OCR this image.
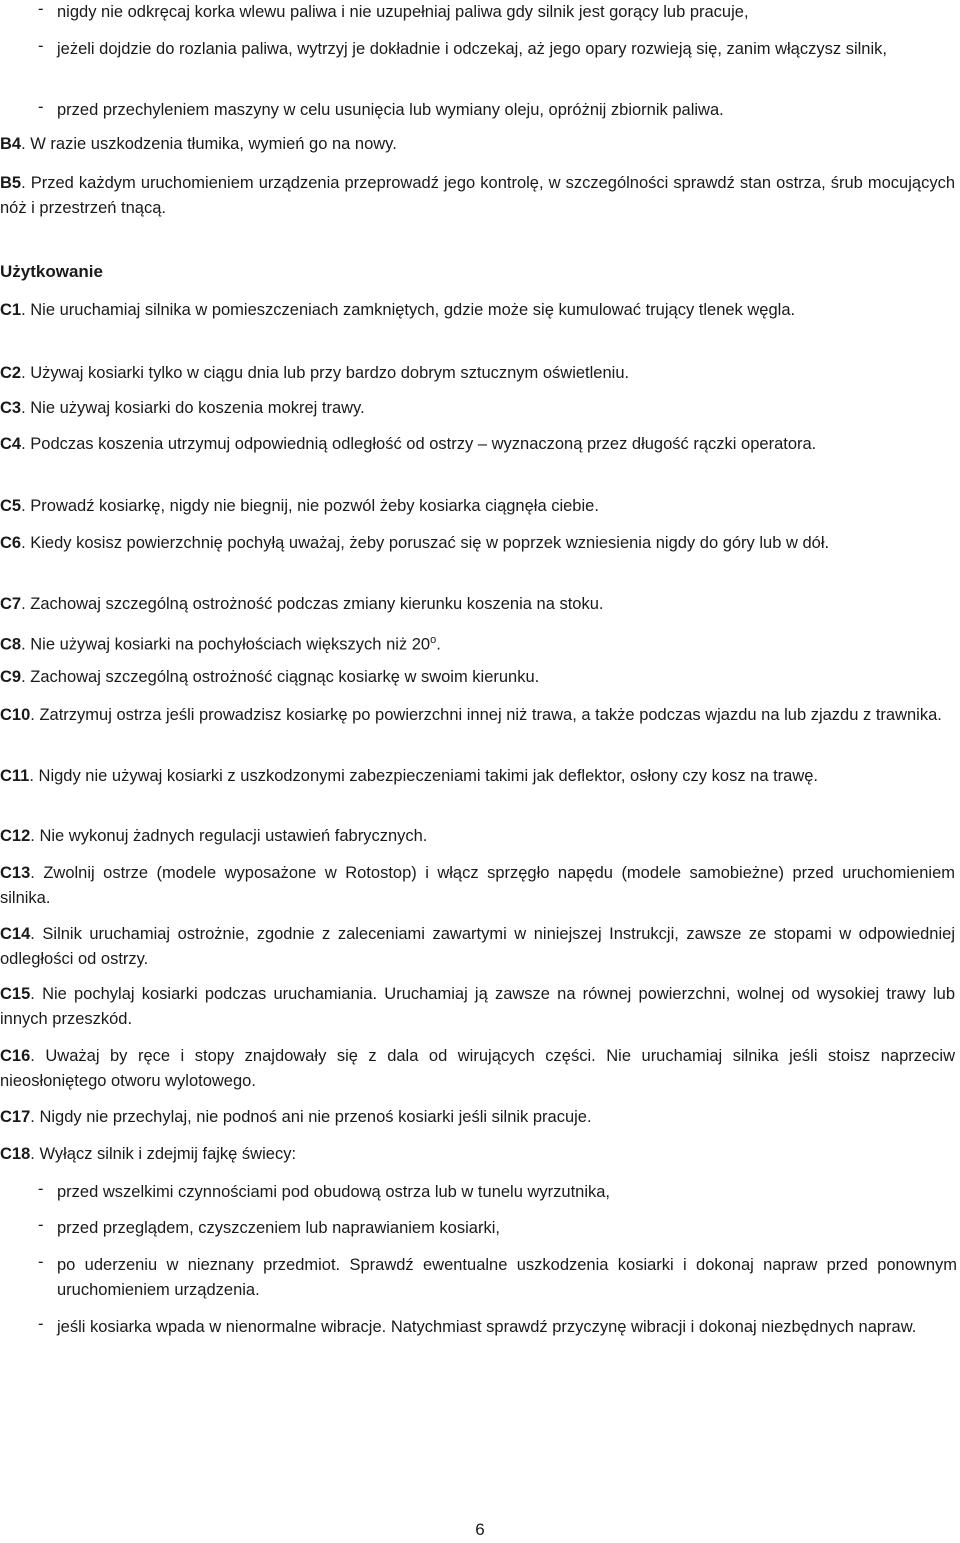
- nigdy nie odkręcaj korka wlewu paliwa i nie uzupełniaj paliwa gdy silnik jest gorący lub pracuje,

- jeżeli dojdzie do rozlania paliwa, wytrzyj je dokładnie i odczekaj, aż jego opary rozwieją się, zanim włączysz silnik,

- przed przechyleniem maszyny w celu usunięcia lub wymiany oleju, opróżnij zbiornik paliwa.

B4. W razie uszkodzenia tłumika, wymień go na nowy.

B5. Przed każdym uruchomieniem urządzenia przeprowadź jego kontrolę, w szczególności sprawdź stan ostrza, śrub mocujących nóż i przestrzeń tnącą.

Użytkowanie

C1. Nie uruchamiaj silnika w pomieszczeniach zamkniętych, gdzie może się kumulować trujący tlenek węgla.

C2. Używaj kosiarki tylko w ciągu dnia lub przy bardzo dobrym sztucznym oświetleniu.

C3. Nie używaj kosiarki do koszenia mokrej trawy.

C4. Podczas koszenia utrzymuj odpowiednią odległość od ostrzy – wyznaczoną przez długość rączki operatora.

C5. Prowadź kosiarkę, nigdy nie biegnij, nie pozwól żeby kosiarka ciągnęła ciebie.

C6. Kiedy kosisz powierzchnię pochyłą uważaj, żeby poruszać się w poprzek wzniesienia nigdy do góry lub w dół.

C7. Zachowaj szczególną ostrożność podczas zmiany kierunku koszenia na stoku.

C8. Nie używaj kosiarki na pochyłościach większych niż 20$^o$.

C9. Zachowaj szczególną ostrożność ciągnąc kosiarkę w swoim kierunku.

C10. Zatrzymuj ostrza jeśli prowadzisz kosiarkę po powierzchni innej niż trawa, a także podczas wjazdu na lub zjazdu z trawnika.

C11. Nigdy nie używaj kosiarki z uszkodzonymi zabezpieczeniami takimi jak deflektor, osłony czy kosz na trawę.

C12. Nie wykonuj żadnych regulacji ustawień fabrycznych.

C13. Zwolnij ostrze (modele wyposażone w Rotostop) i włącz sprzęgło napędu (modele samobieżne) przed uruchomieniem silnika.

C14. Silnik uruchamiaj ostrożnie, zgodnie z zaleceniami zawartymi w niniejszej Instrukcji, zawsze ze stopami w odpowiedniej odległości od ostrzy.

C15. Nie pochylaj kosiarki podczas uruchamiania. Uruchamiaj ją zawsze na równej powierzchni, wolnej od wysokiej trawy lub innych przeszkód.

C16. Uważaj by ręce i stopy znajdowały się z dala od wirujących części. Nie uruchamiaj silnika jeśli stoisz naprzeciw nieosłoniętego otworu wylotowego.

C17. Nigdy nie przechylaj, nie podnoś ani nie przenoś kosiarki jeśli silnik pracuje.

C18. Wyłącz silnik i zdejmij fajkę świecy:

- przed wszelkimi czynnościami pod obudową ostrza lub w tunelu wyrzutnika,

- przed przeglądem, czyszczeniem lub naprawianiem kosiarki,

- po uderzeniu w nieznany przedmiot. Sprawdź ewentualne uszkodzenia kosiarki i dokonaj napraw przed ponownym uruchomieniem urządzenia.

- jeśli kosiarka wpada w nienormalne wibracje. Natychmiast sprawdź przyczynę wibracji i dokonaj niezbędnych napraw.

6
